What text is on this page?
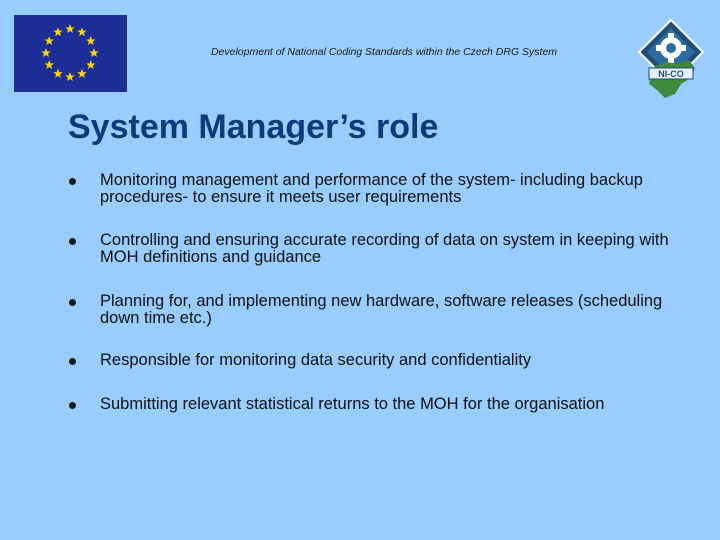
Development of National Coding Standards within the Czech DRG System
NI-CO
System Manager’s role
Monitoring management and performance of the system- including backup procedures- to ensure it meets user requirements
Controlling and ensuring accurate recording of data on system in keeping with MOH definitions and guidance
Planning for, and implementing new hardware, software releases (scheduling down time etc.)
Responsible for monitoring data security and confidentiality
Submitting relevant statistical returns to the MOH for the organisation
